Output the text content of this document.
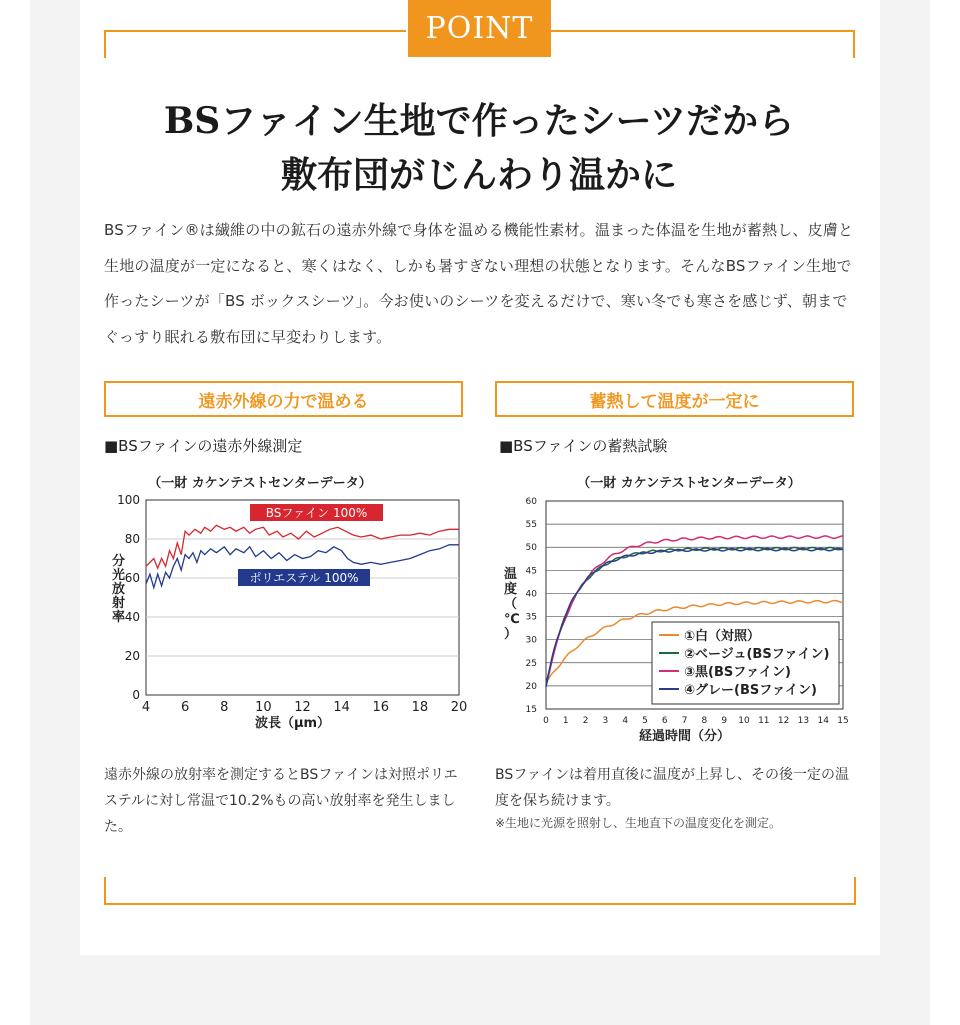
POINT
BSファイン生地で作ったシーツだから
敷布団がじんわり温かに

BSファイン®は繊維の中の鉱石の遠赤外線で身体を温める機能性素材。温まった体温を生地が蓄熱し、皮膚と生地の温度が一定になると、寒くはなく、しかも暑すぎない理想の状態となります。そんなBSファイン生地で作ったシーツが「BS ボックスシーツ」。今お使いのシーツを変えるだけで、寒い冬でも寒さを感じず、朝までぐっすり眠れる敷布団に早変わりします。

遠赤外線の力で温める	蓄熱して温度が一定に
■BSファインの遠赤外線測定	■BSファインの蓄熱試験
（一財 カケンテストセンターデータ）
0
20
40
60
80
100
4 6 8 10 12 14 16 18 20
波長（μm）
分光放射率
BSファイン 100%
ポリエステル 100%
（一財 カケンテストセンターデータ）
15
20
25
30
35
40
45
50
55
60
0 1 2 3 4 5 6 7 8 9 10 11 12 13 14 15
経過時間（分）
温度（℃）	①白（対照）
②ベージュ(BSファイン)
③黒(BSファイン)
④グレー(BSファイン)

遠赤外線の放射率を測定するとBSファインは対照ポリエステルに対し常温で10.2%もの高い放射率を発生しました。

BSファインは着用直後に温度が上昇し、その後一定の温度を保ち続けます。

※生地に光源を照射し、生地直下の温度変化を測定。
